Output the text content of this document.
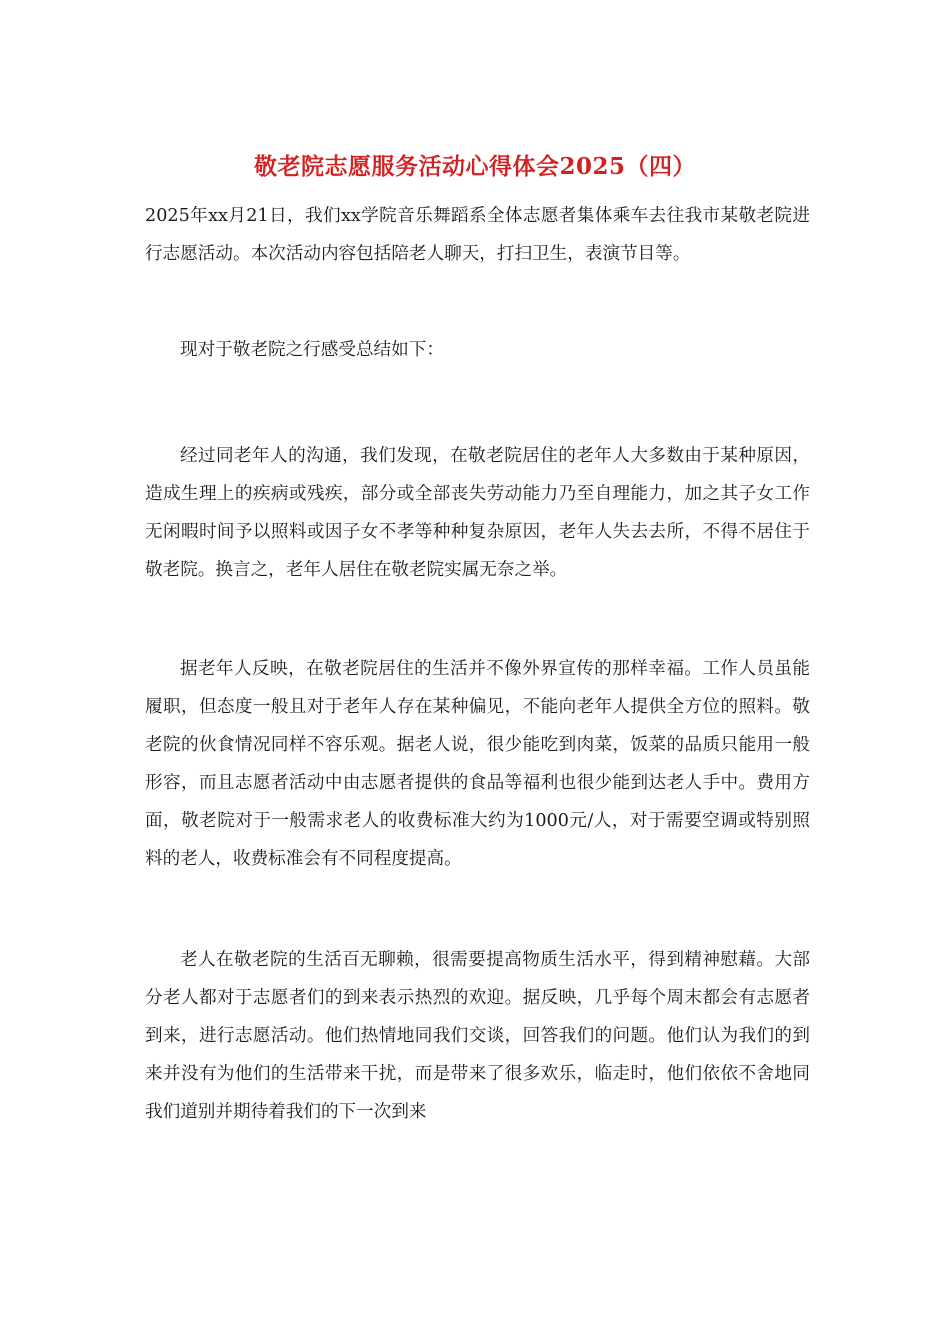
敬老院志愿服务活动心得体会2025（四）

2025年xx月21日，我们xx学院音乐舞蹈系全体志愿者集体乘车去往我市某敬老院进行志愿活动。本次活动内容包括陪老人聊天，打扫卫生，表演节目等。

现对于敬老院之行感受总结如下：

经过同老年人的沟通，我们发现，在敬老院居住的老年人大多数由于某种原因，造成生理上的疾病或残疾，部分或全部丧失劳动能力乃至自理能力，加之其子女工作无闲暇时间予以照料或因子女不孝等种种复杂原因，老年人失去去所，不得不居住于敬老院。换言之，老年人居住在敬老院实属无奈之举。

据老年人反映，在敬老院居住的生活并不像外界宣传的那样幸福。工作人员虽能履职，但态度一般且对于老年人存在某种偏见，不能向老年人提供全方位的照料。敬老院的伙食情况同样不容乐观。据老人说，很少能吃到肉菜，饭菜的品质只能用一般形容，而且志愿者活动中由志愿者提供的食品等福利也很少能到达老人手中。费用方面，敬老院对于一般需求老人的收费标准大约为1000元/人，对于需要空调或特别照料的老人，收费标准会有不同程度提高。

老人在敬老院的生活百无聊赖，很需要提高物质生活水平，得到精神慰藉。大部分老人都对于志愿者们的到来表示热烈的欢迎。据反映，几乎每个周末都会有志愿者到来，进行志愿活动。他们热情地同我们交谈，回答我们的问题。他们认为我们的到来并没有为他们的生活带来干扰，而是带来了很多欢乐，临走时，他们依依不舍地同我们道别并期待着我们的下一次到来
